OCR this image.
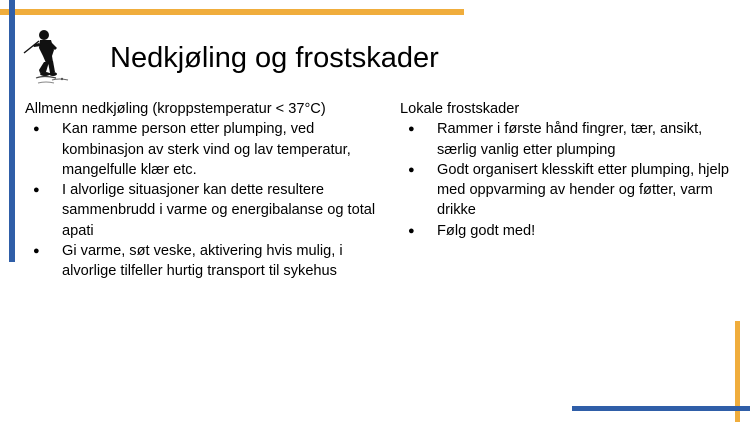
Nedkjøling og frostskader

Allmenn nedkjøling (kroppstemperatur < 37°C)

● Kan ramme person etter plumping, ved kombinasjon av sterk vind og lav temperatur, mangelfulle klær etc.
● I alvorlige situasjoner kan dette resultere sammenbrudd i varme og energibalanse og total apati
● Gi varme, søt veske, aktivering hvis mulig, i alvorlige tilfeller hurtig transport til sykehus

Lokale frostskader

● Rammer i første hånd fingrer, tær, ansikt, særlig vanlig etter plumping
● Godt organisert klesskift etter plumping, hjelp med oppvarming av hender og føtter, varm drikke
● Følg godt med!
